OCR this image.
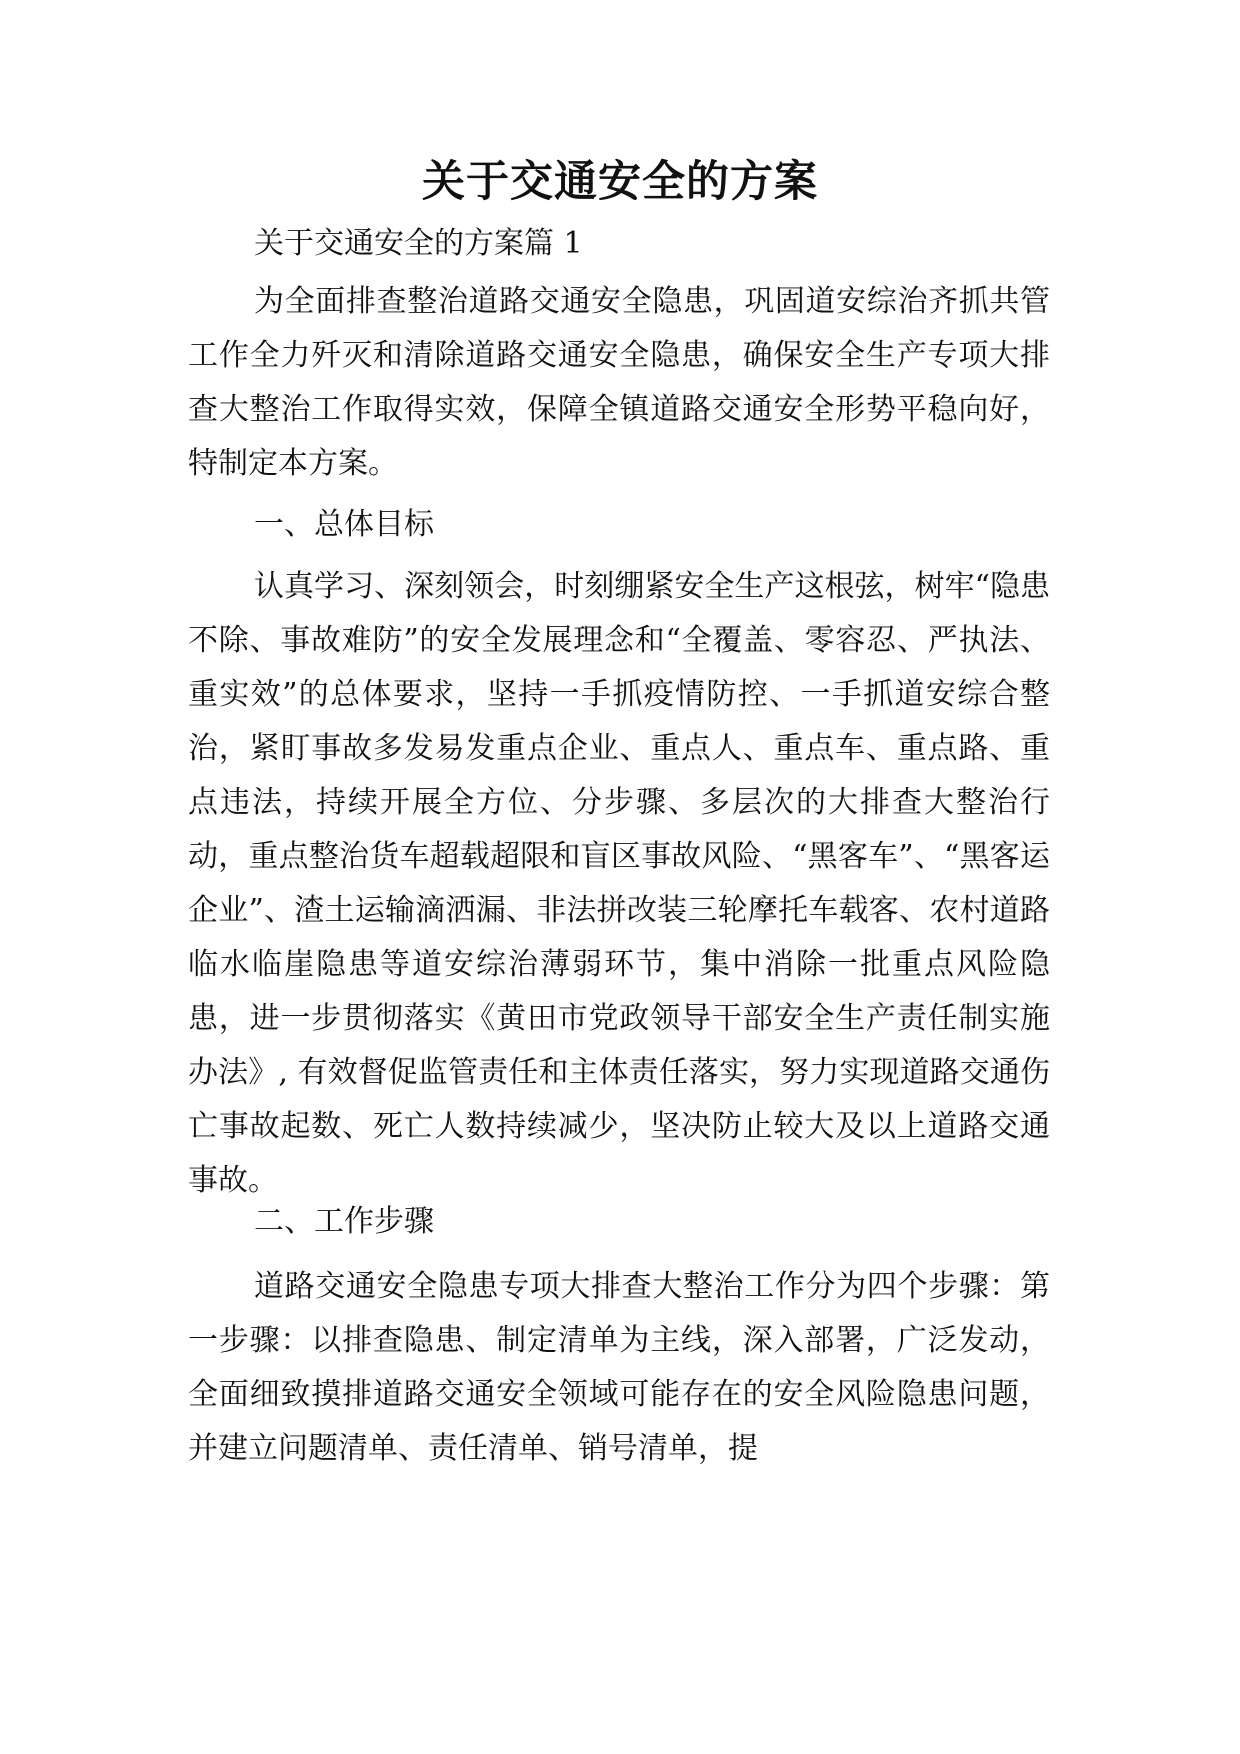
关于交通安全的方案

关于交通安全的方案篇 1

为全面排查整治道路交通安全隐患，巩固道安综治齐抓共管工作全力歼灭和清除道路交通安全隐患，确保安全生产专项大排查大整治工作取得实效，保障全镇道路交通安全形势平稳向好，特制定本方案。

一、总体目标

认真学习、深刻领会，时刻绷紧安全生产这根弦，树牢“隐患不除、事故难防”的安全发展理念和“全覆盖、零容忍、严执法、重实效”的总体要求，坚持一手抓疫情防控、一手抓道安综合整治，紧盯事故多发易发重点企业、重点人、重点车、重点路、重点违法，持续开展全方位、分步骤、多层次的大排查大整治行动，重点整治货车超载超限和盲区事故风险、“黑客车”、“黑客运企业”、渣土运输滴洒漏、非法拼改装三轮摩托车载客、农村道路临水临崖隐患等道安综治薄弱环节，集中消除一批重点风险隐患，进一步贯彻落实《黄田市党政领导干部安全生产责任制实施办法》, 有效督促监管责任和主体责任落实，努力实现道路交通伤亡事故起数、死亡人数持续减少，坚决防止较大及以上道路交通事故。

二、工作步骤

道路交通安全隐患专项大排查大整治工作分为四个步骤：第一步骤：以排查隐患、制定清单为主线，深入部署，广泛发动，全面细致摸排道路交通安全领域可能存在的安全风险隐患问题，并建立问题清单、责任清单、销号清单，提
